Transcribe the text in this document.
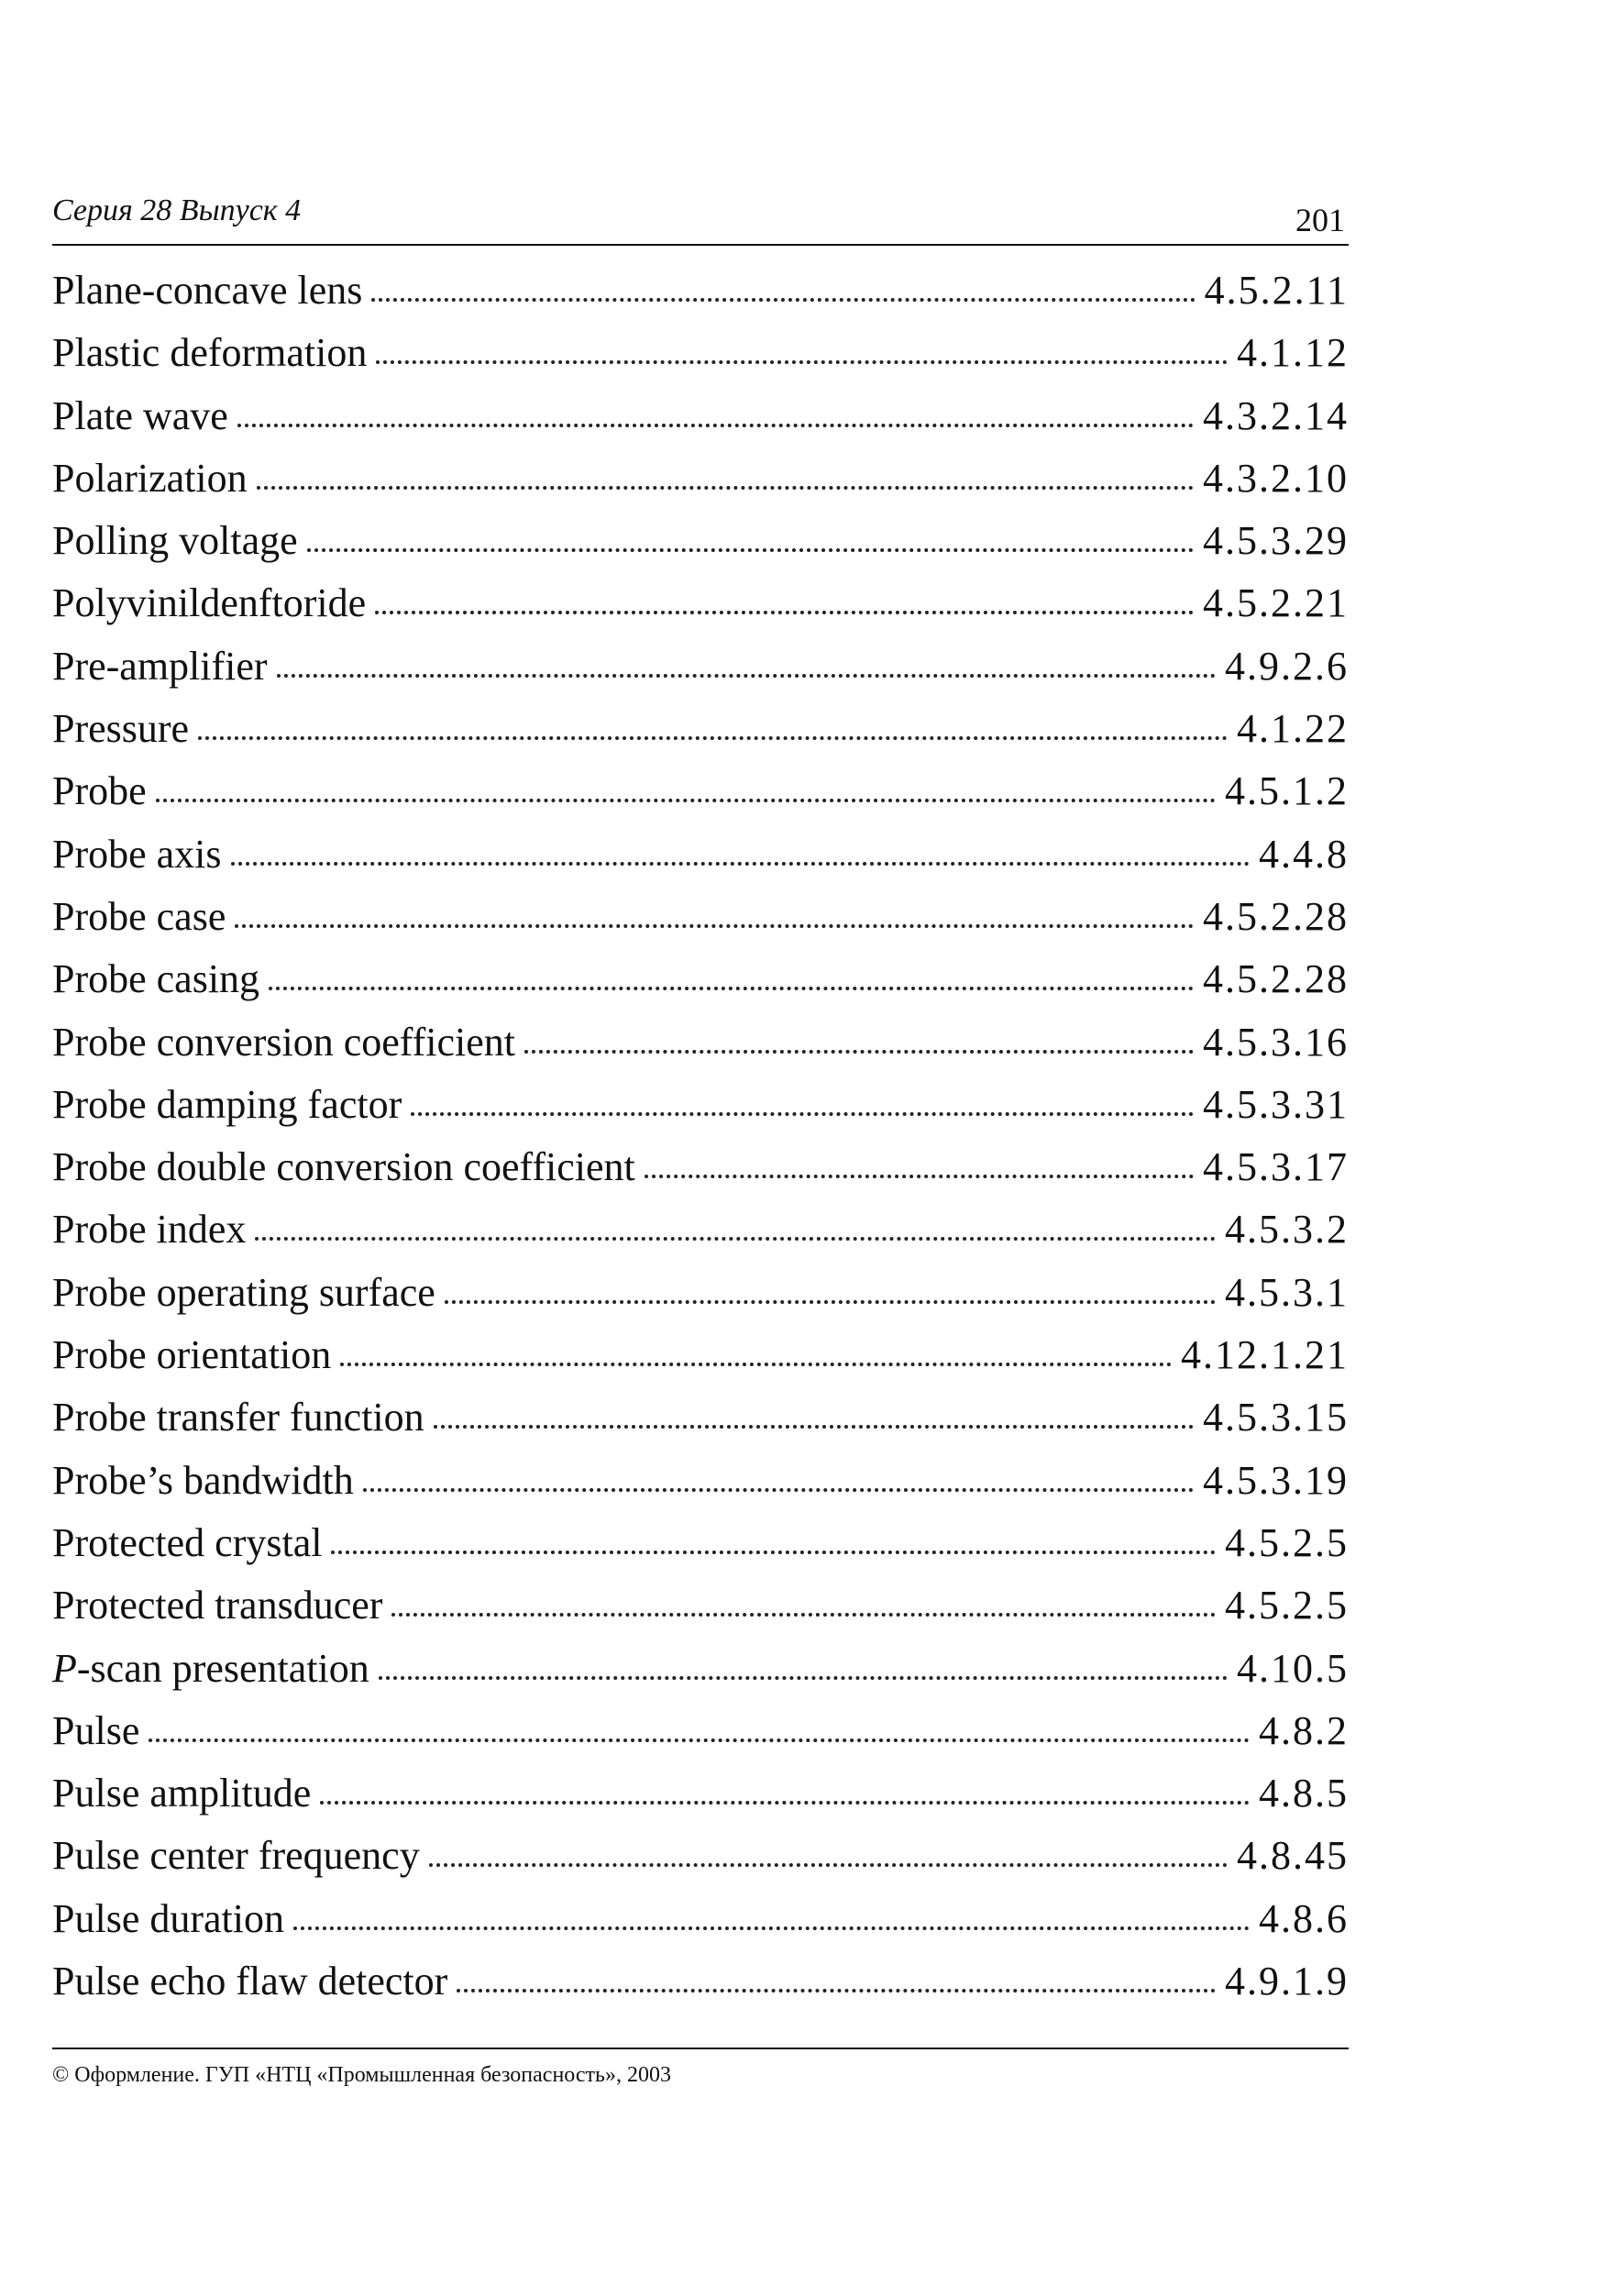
Серия 28 Выпуск 4	201
Plane-concave lens	4.5.2.11
Plastic deformation	4.1.12
Plate wave	4.3.2.14
Polarization	4.3.2.10
Polling voltage	4.5.3.29
Polyvinildenftoride	4.5.2.21
Pre-amplifier	4.9.2.6
Pressure	4.1.22
Probe	4.5.1.2
Probe axis	4.4.8
Probe case	4.5.2.28
Probe casing	4.5.2.28
Probe conversion coefficient	4.5.3.16
Probe damping factor	4.5.3.31
Probe double conversion coefficient	4.5.3.17
Probe index	4.5.3.2
Probe operating surface	4.5.3.1
Probe orientation	4.12.1.21
Probe transfer function	4.5.3.15
Probe’s bandwidth	4.5.3.19
Protected crystal	4.5.2.5
Protected transducer	4.5.2.5
P-scan presentation	4.10.5
Pulse	4.8.2
Pulse amplitude	4.8.5
Pulse center frequency	4.8.45
Pulse duration	4.8.6
Pulse echo flaw detector	4.9.1.9
© Оформление. ГУП «НТЦ «Промышленная безопасность», 2003
